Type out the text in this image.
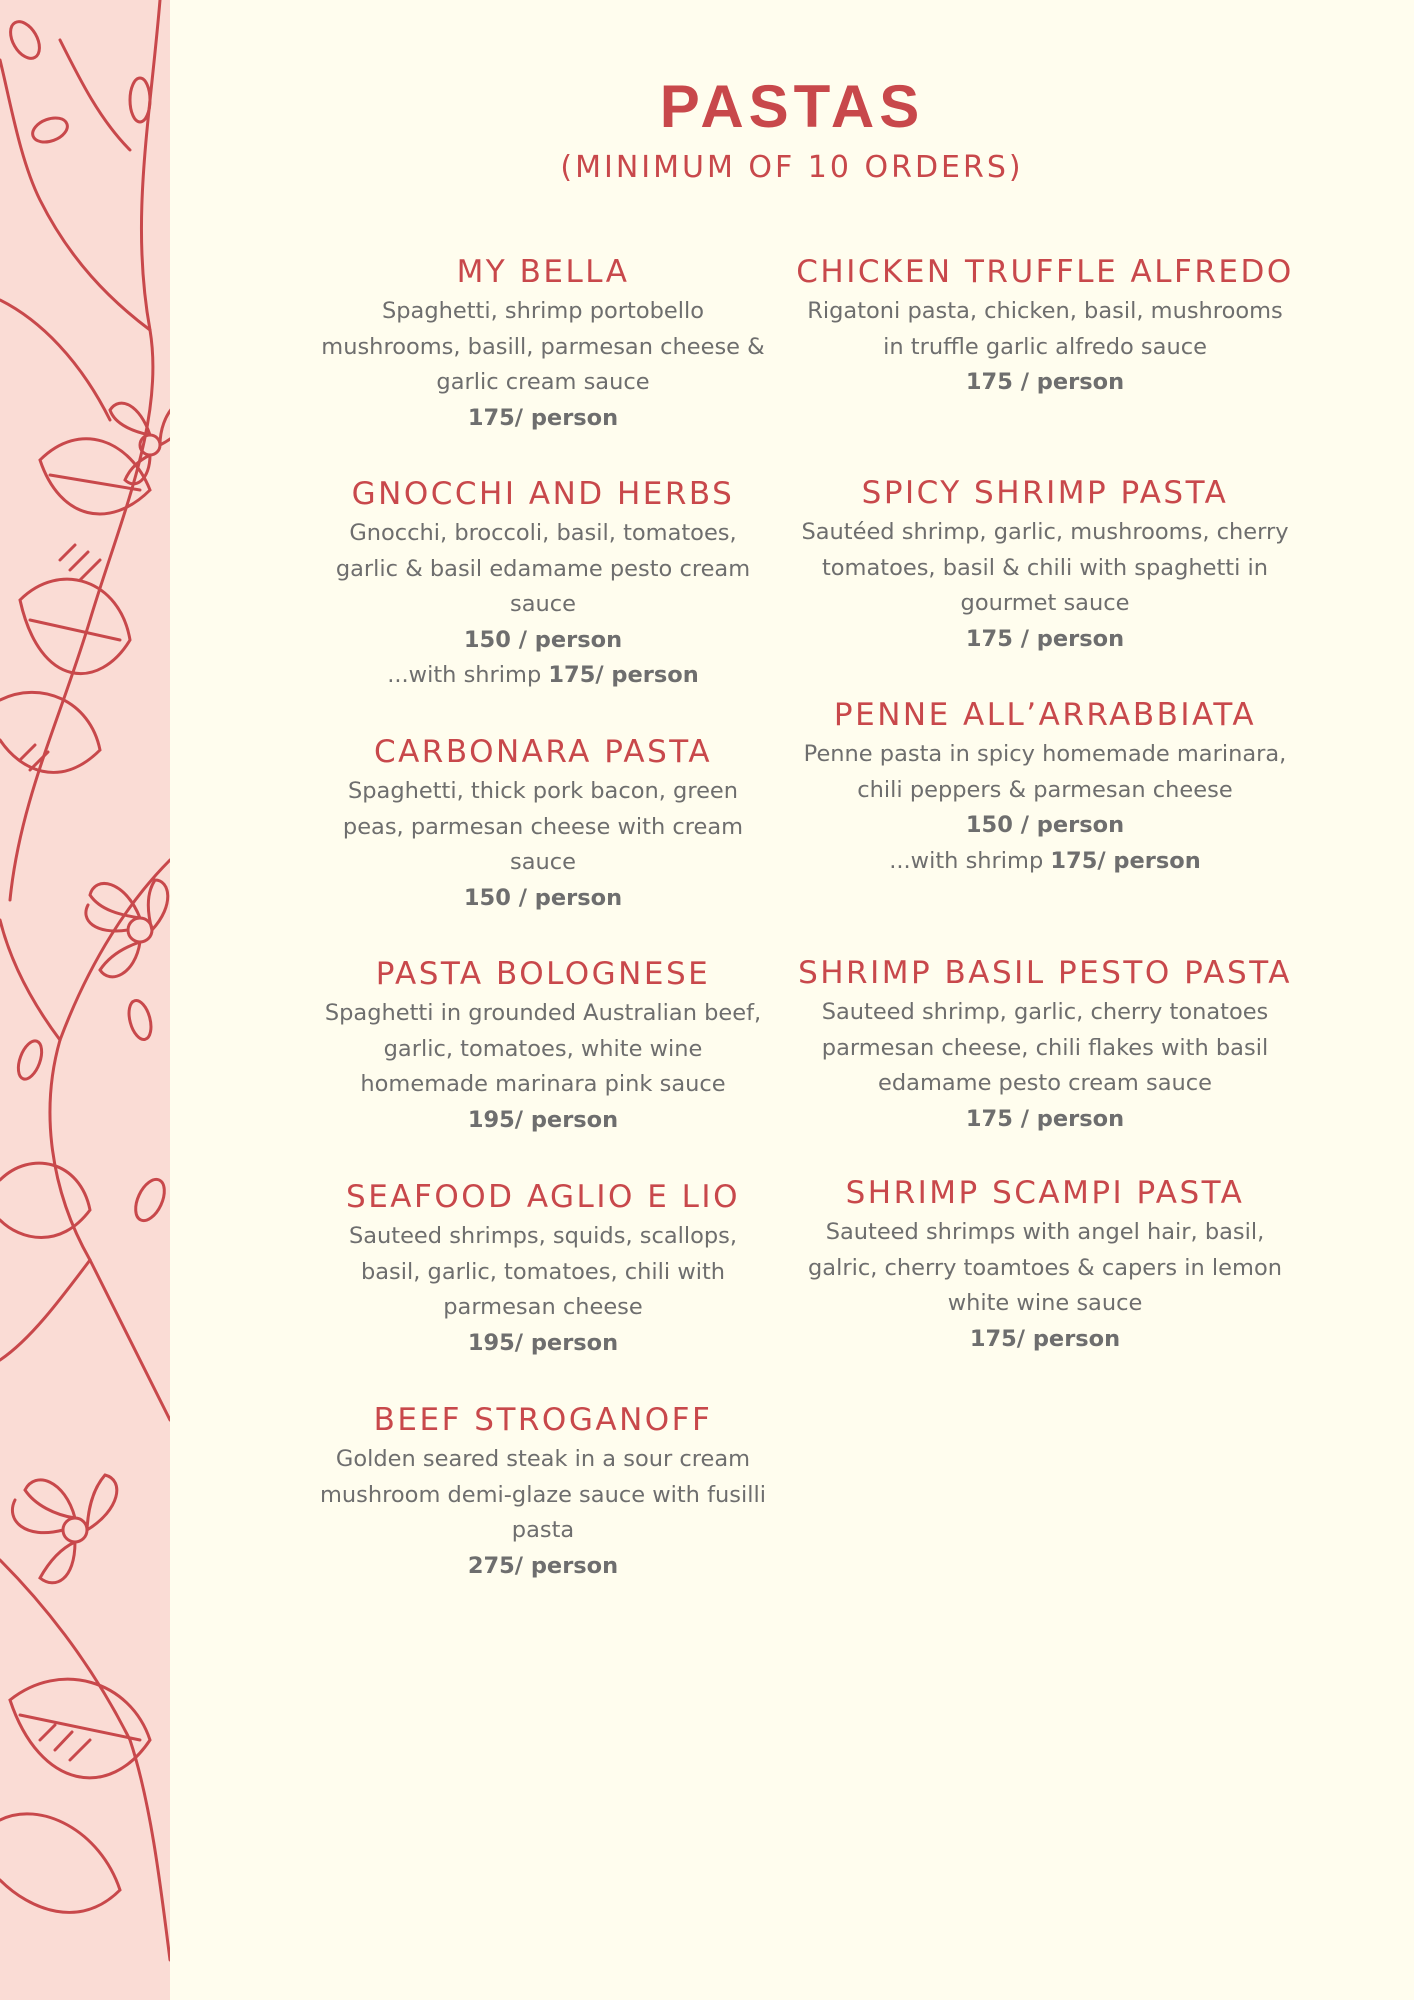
PASTAS
(MINIMUM OF 10 ORDERS)
MY BELLA

Spaghetti, shrimp portobello mushrooms, basill, parmesan cheese & garlic cream sauce

175/ person

GNOCCHI AND HERBS

Gnocchi, broccoli, basil, tomatoes, garlic & basil edamame pesto cream sauce

150 / person

...with shrimp 175/ person

CARBONARA PASTA

Spaghetti, thick pork bacon, green peas, parmesan cheese with cream sauce

150 / person

PASTA BOLOGNESE

Spaghetti in grounded Australian beef, garlic, tomatoes, white wine homemade marinara pink sauce

195/ person

SEAFOOD AGLIO E LIO

Sauteed shrimps, squids, scallops, basil, garlic, tomatoes, chili with parmesan cheese

195/ person

BEEF STROGANOFF

Golden seared steak in a sour cream mushroom demi-glaze sauce with fusilli pasta

275/ person

CHICKEN TRUFFLE ALFREDO

Rigatoni pasta, chicken, basil, mushrooms in truffle garlic alfredo sauce

175 / person

SPICY SHRIMP PASTA

Sautéed shrimp, garlic, mushrooms, cherry tomatoes, basil & chili with spaghetti in gourmet sauce

175 / person

PENNE ALL’ARRABBIATA

Penne pasta in spicy homemade marinara, chili peppers & parmesan cheese

150 / person

...with shrimp 175/ person

SHRIMP BASIL PESTO PASTA

Sauteed shrimp, garlic, cherry tonatoes parmesan cheese, chili flakes with basil edamame pesto cream sauce

175 / person

SHRIMP SCAMPI PASTA

Sauteed shrimps with angel hair, basil, galric, cherry toamtoes & capers in lemon white wine sauce

175/ person
